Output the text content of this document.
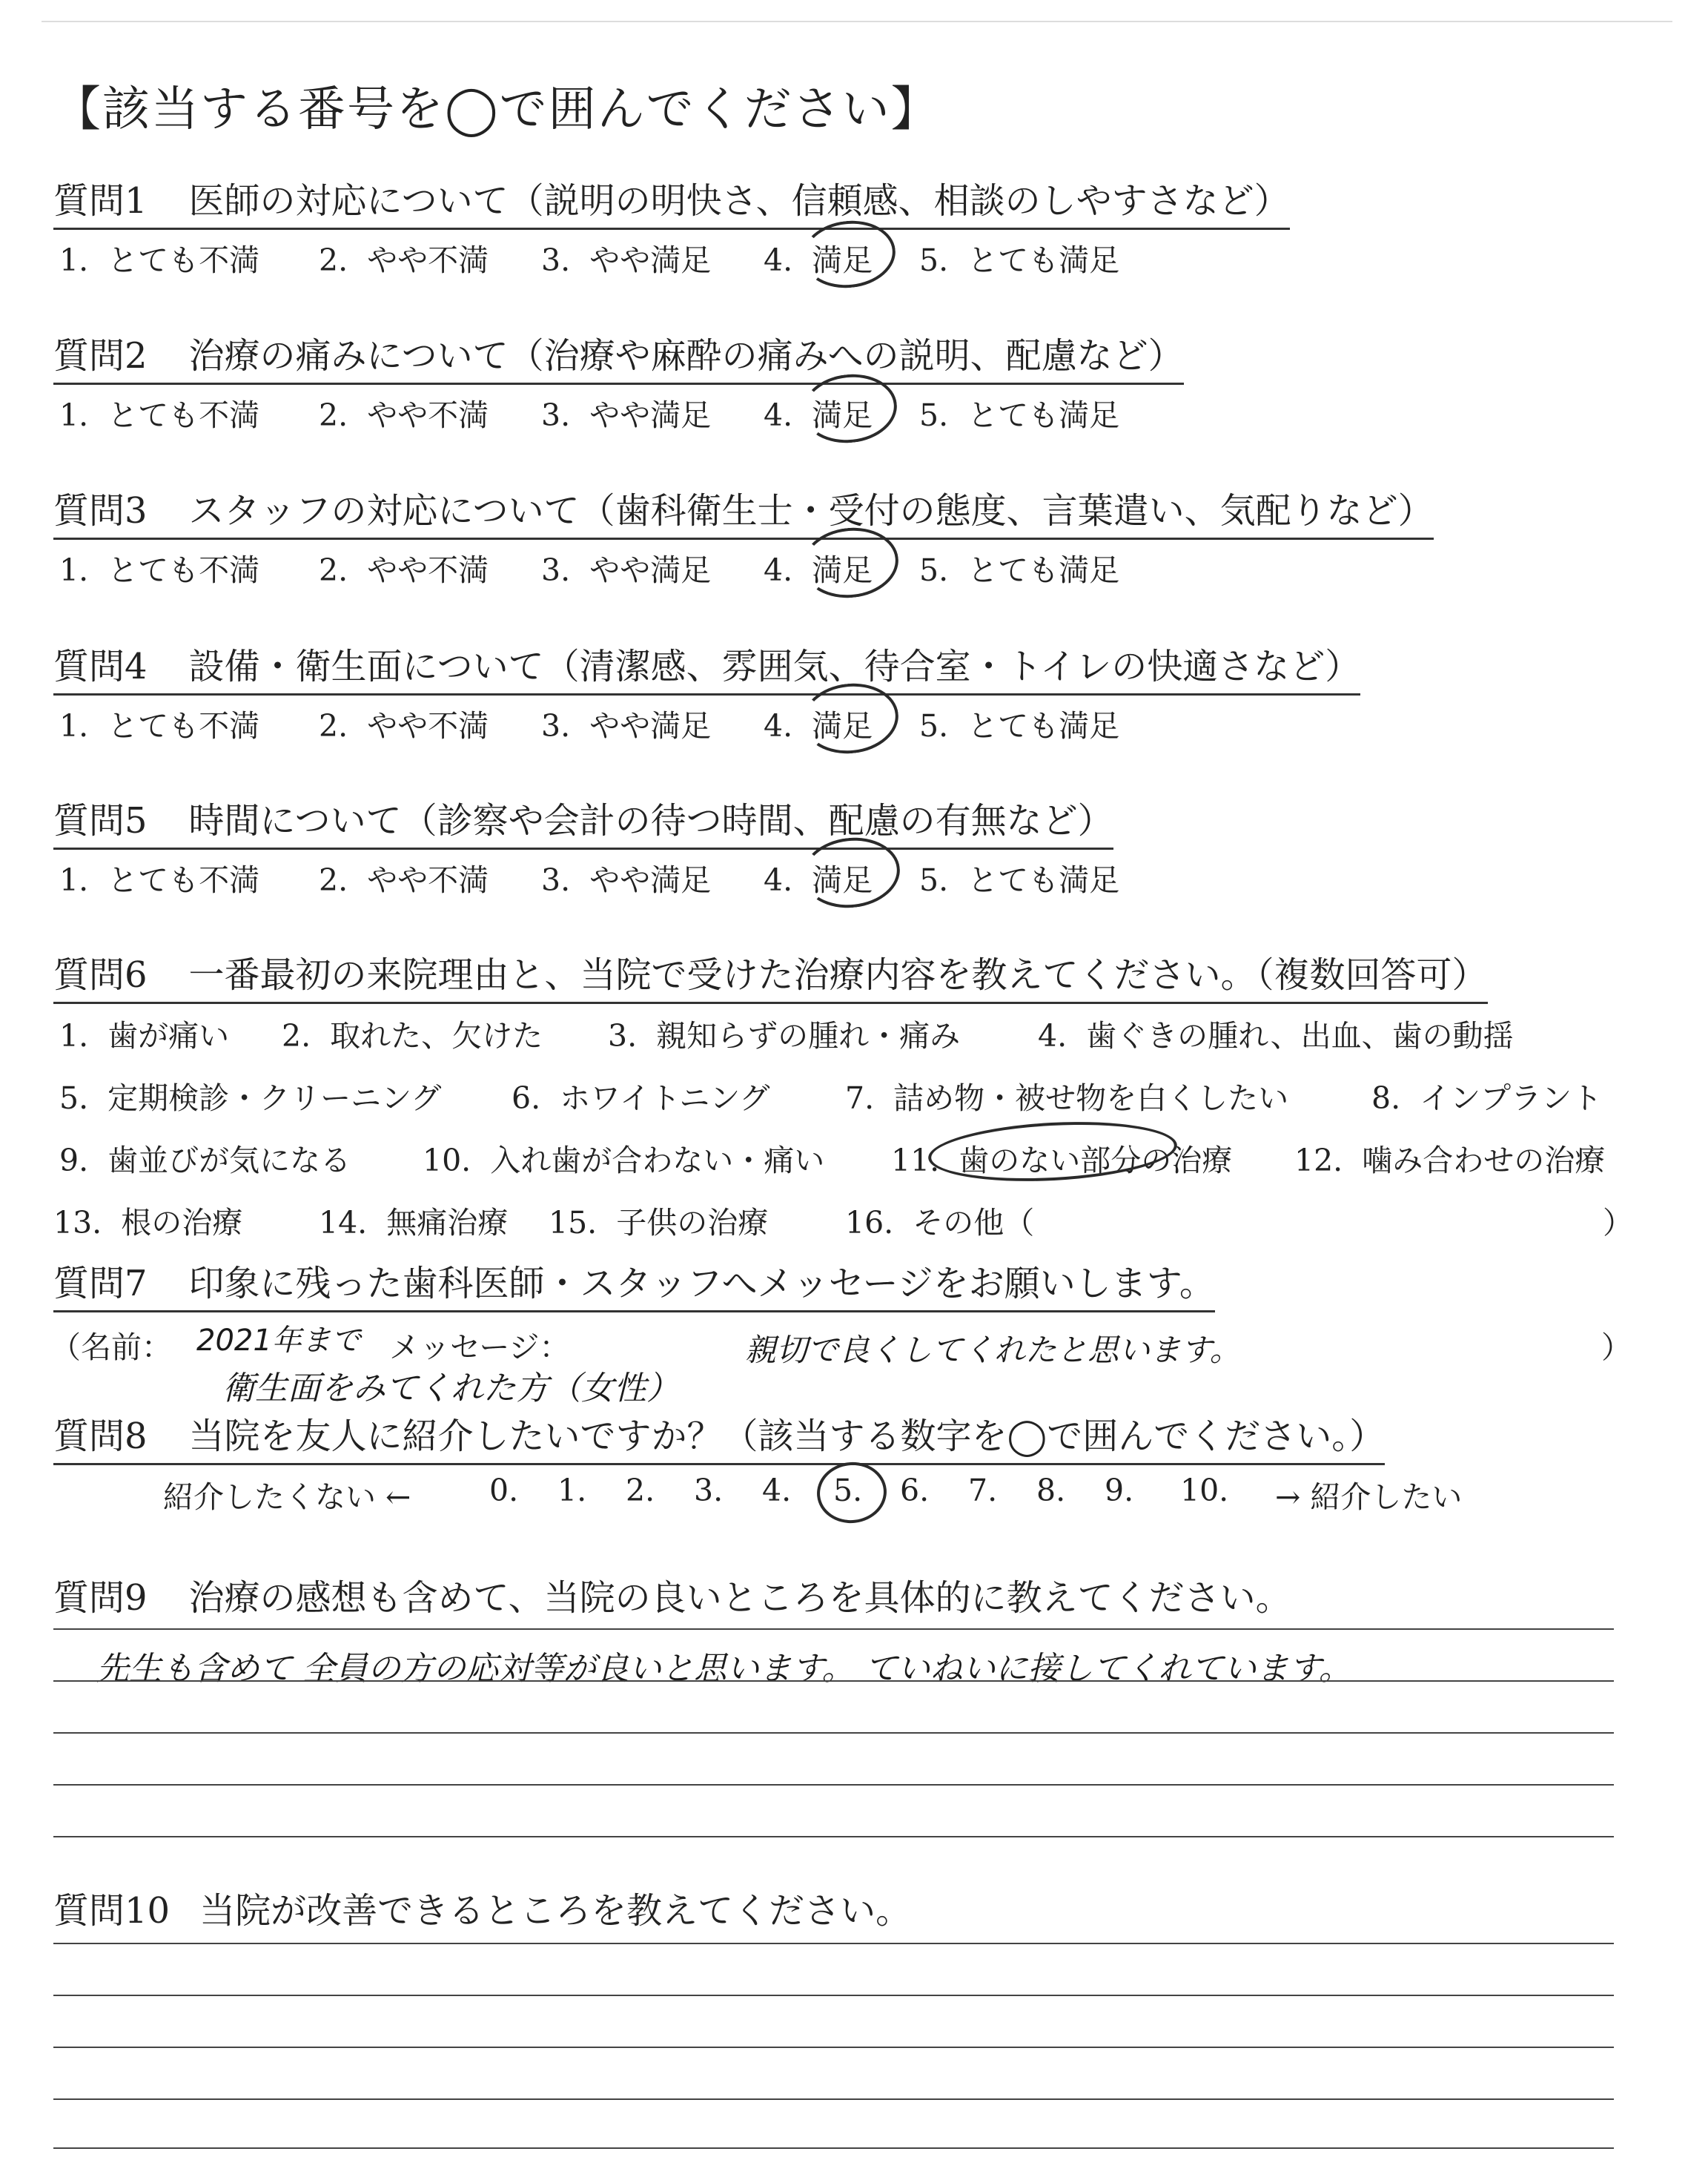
【該当する番号を◯で囲んでください】
質問1 医師の対応について（説明の明快さ、信頼感、相談のしやすさなど）
1.  とても不満 2.  やや不満 3.  やや満足 4.  満足 5.  とても満足
質問2 治療の痛みについて（治療や麻酔の痛みへの説明、配慮など）
1.  とても不満 2.  やや不満 3.  やや満足 4.  満足 5.  とても満足
質問3 スタッフの対応について（歯科衛生士・受付の態度、言葉遣い、気配りなど）
1.  とても不満 2.  やや不満 3.  やや満足 4.  満足 5.  とても満足
質問4 設備・衛生面について（清潔感、雰囲気、待合室・トイレの快適さなど）
1.  とても不満 2.  やや不満 3.  やや満足 4.  満足 5.  とても満足
質問5 時間について（診察や会計の待つ時間、配慮の有無など）
1.  とても不満 2.  やや不満 3.  やや満足 4.  満足 5.  とても満足
質問6 一番最初の来院理由と、当院で受けた治療内容を教えてください。（複数回答可）
1.  歯が痛い 2.  取れた、欠けた 3.  親知らずの腫れ・痛み	4.  歯ぐきの腫れ、出血、歯の動揺
5.  定期検診・クリーニング 6.  ホワイトニング 7.  詰め物・被せ物を白くしたい	8.  インプラント
9.  歯並びが気になる 10.  入れ歯が合わない・痛い 11.  歯のない部分の治療 12.  噛み合わせの治療
13.  根の治療	14.  無痛治療 15.  子供の治療	16.  その他（	）
質問7 印象に残った歯科医師・スタッフへメッセージをお願いします。
（名前： 2021年まで メッセージ：	親切で良くしてくれたと思います。	）
衛生面をみてくれた方（女性）
質問8 当院を友人に紹介したいですか？（該当する数字を◯で囲んでください。）
紹介したくない ←	0. 1. 2. 3. 4. 5. 6. 7. 8. 9. 10. → 紹介したい
質問9 治療の感想も含めて、当院の良いところを具体的に教えてください。
先生も含めて 全員の方の応対等が良いと思います。 ていねいに接してくれています。
質問10 当院が改善できるところを教えてください。
